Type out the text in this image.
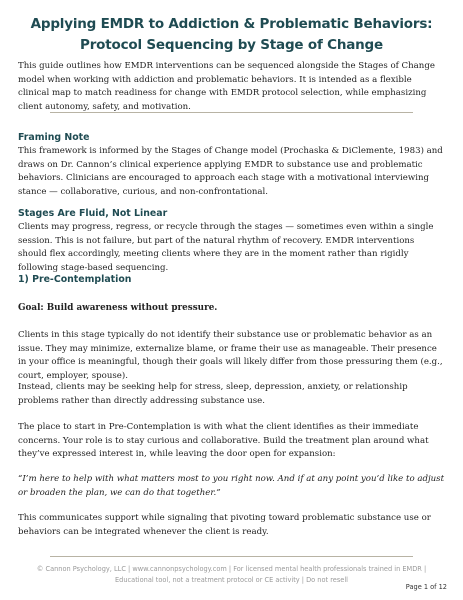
Applying EMDR to Addiction & Problematic Behaviors:
Protocol Sequencing by Stage of Change

This guide outlines how EMDR interventions can be sequenced alongside the Stages of Change model when working with addiction and problematic behaviors. It is intended as a flexible clinical map to match readiness for change with EMDR protocol selection, while emphasizing client autonomy, safety, and motivation.

Framing Note

This framework is informed by the Stages of Change model (Prochaska & DiClemente, 1983) and draws on Dr. Cannon’s clinical experience applying EMDR to substance use and problematic behaviors. Clinicians are encouraged to approach each stage with a motivational interviewing stance — collaborative, curious, and non-confrontational.

Stages Are Fluid, Not Linear

Clients may progress, regress, or recycle through the stages — sometimes even within a single session. This is not failure, but part of the natural rhythm of recovery. EMDR interventions should flex accordingly, meeting clients where they are in the moment rather than rigidly following stage-based sequencing.

1) Pre-Contemplation

Goal: Build awareness without pressure.

Clients in this stage typically do not identify their substance use or problematic behavior as an issue. They may minimize, externalize blame, or frame their use as manageable. Their presence in your office is meaningful, though their goals will likely differ from those pressuring them (e.g., court, employer, spouse).

Instead, clients may be seeking help for stress, sleep, depression, anxiety, or relationship problems rather than directly addressing substance use.

The place to start in Pre-Contemplation is with what the client identifies as their immediate concerns. Your role is to stay curious and collaborative. Build the treatment plan around what they’ve expressed interest in, while leaving the door open for expansion:

“I’m here to help with what matters most to you right now. And if at any point you’d like to adjust or broaden the plan, we can do that together.”

This communicates support while signaling that pivoting toward problematic substance use or behaviors can be integrated whenever the client is ready.

© Cannon Psychology, LLC | www.cannonpsychology.com | For licensed mental health professionals trained in EMDR |
Educational tool, not a treatment protocol or CE activity | Do not resell
Page 1 of 12
